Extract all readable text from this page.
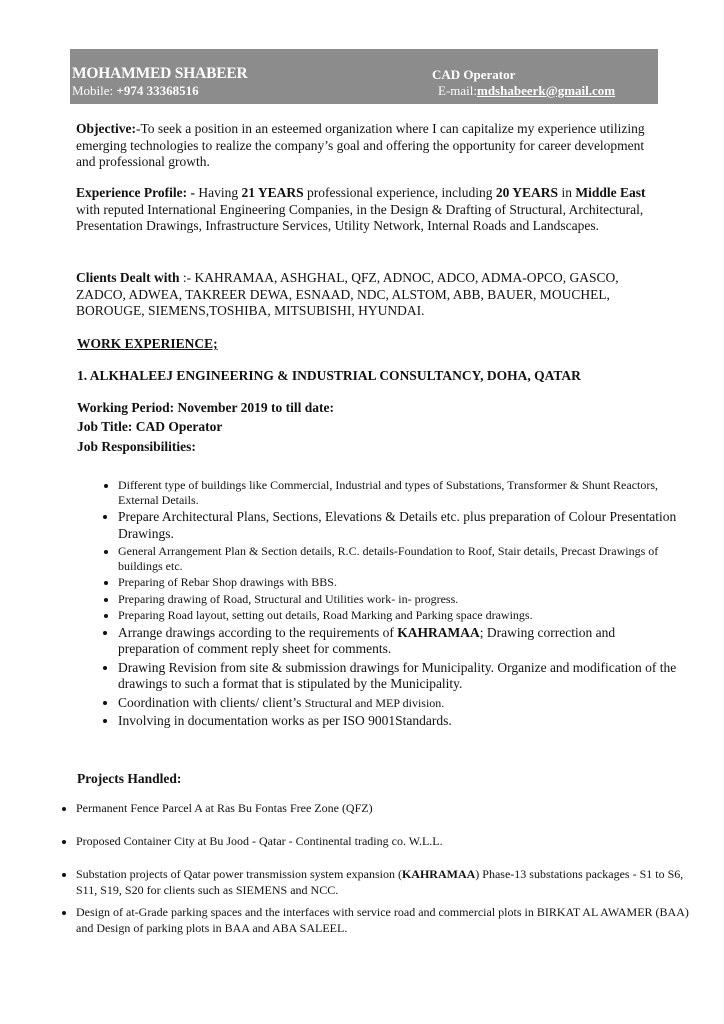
MOHAMMED SHABEER	CAD Operator
Mobile: +974 33368516	E-mail:mdshabeerk@gmail.com
Objective:-To seek a position in an esteemed organization where I can capitalize my experience utilizing emerging technologies to realize the company’s goal and offering the opportunity for career development and professional growth.
Experience Profile: - Having 21 YEARS professional experience, including 20 YEARS in Middle East with reputed International Engineering Companies, in the Design & Drafting of Structural, Architectural, Presentation Drawings, Infrastructure Services, Utility Network, Internal Roads and Landscapes.
Clients Dealt with :- KAHRAMAA, ASHGHAL, QFZ, ADNOC, ADCO, ADMA-OPCO, GASCO, ZADCO, ADWEA, TAKREER DEWA, ESNAAD, NDC, ALSTOM, ABB, BAUER, MOUCHEL, BOROUGE, SIEMENS,TOSHIBA, MITSUBISHI, HYUNDAI.
WORK EXPERIENCE;
1. ALKHALEEJ ENGINEERING & INDUSTRIAL CONSULTANCY, DOHA, QATAR
Working Period: November 2019 to till date:
Job Title: CAD Operator
Job Responsibilities:
• Different type of buildings like Commercial, Industrial and types of Substations, Transformer & Shunt Reactors, External Details.
• Prepare Architectural Plans, Sections, Elevations & Details etc. plus preparation of Colour Presentation Drawings.
• General Arrangement Plan & Section details, R.C. details-Foundation to Roof, Stair details, Precast Drawings of buildings etc.
• Preparing of Rebar Shop drawings with BBS.
• Preparing drawing of Road, Structural and Utilities work- in- progress.
• Preparing Road layout, setting out details, Road Marking and Parking space drawings.
• Arrange drawings according to the requirements of KAHRAMAA; Drawing correction and preparation of comment reply sheet for comments.
• Drawing Revision from site & submission drawings for Municipality. Organize and modification of the drawings to such a format that is stipulated by the Municipality.
• Coordination with clients/ client’s Structural and MEP division.
• Involving in documentation works as per ISO 9001Standards.
Projects Handled:
• Permanent Fence Parcel A at Ras Bu Fontas Free Zone (QFZ)
• Proposed Container City at Bu Jood - Qatar - Continental trading co. W.L.L.
• Substation projects of Qatar power transmission system expansion (KAHRAMAA) Phase-13 substations packages - S1 to S6, S11, S19, S20 for clients such as SIEMENS and NCC.
• Design of at-Grade parking spaces and the interfaces with service road and commercial plots in BIRKAT AL AWAMER (BAA) and Design of parking plots in BAA and ABA SALEEL.
